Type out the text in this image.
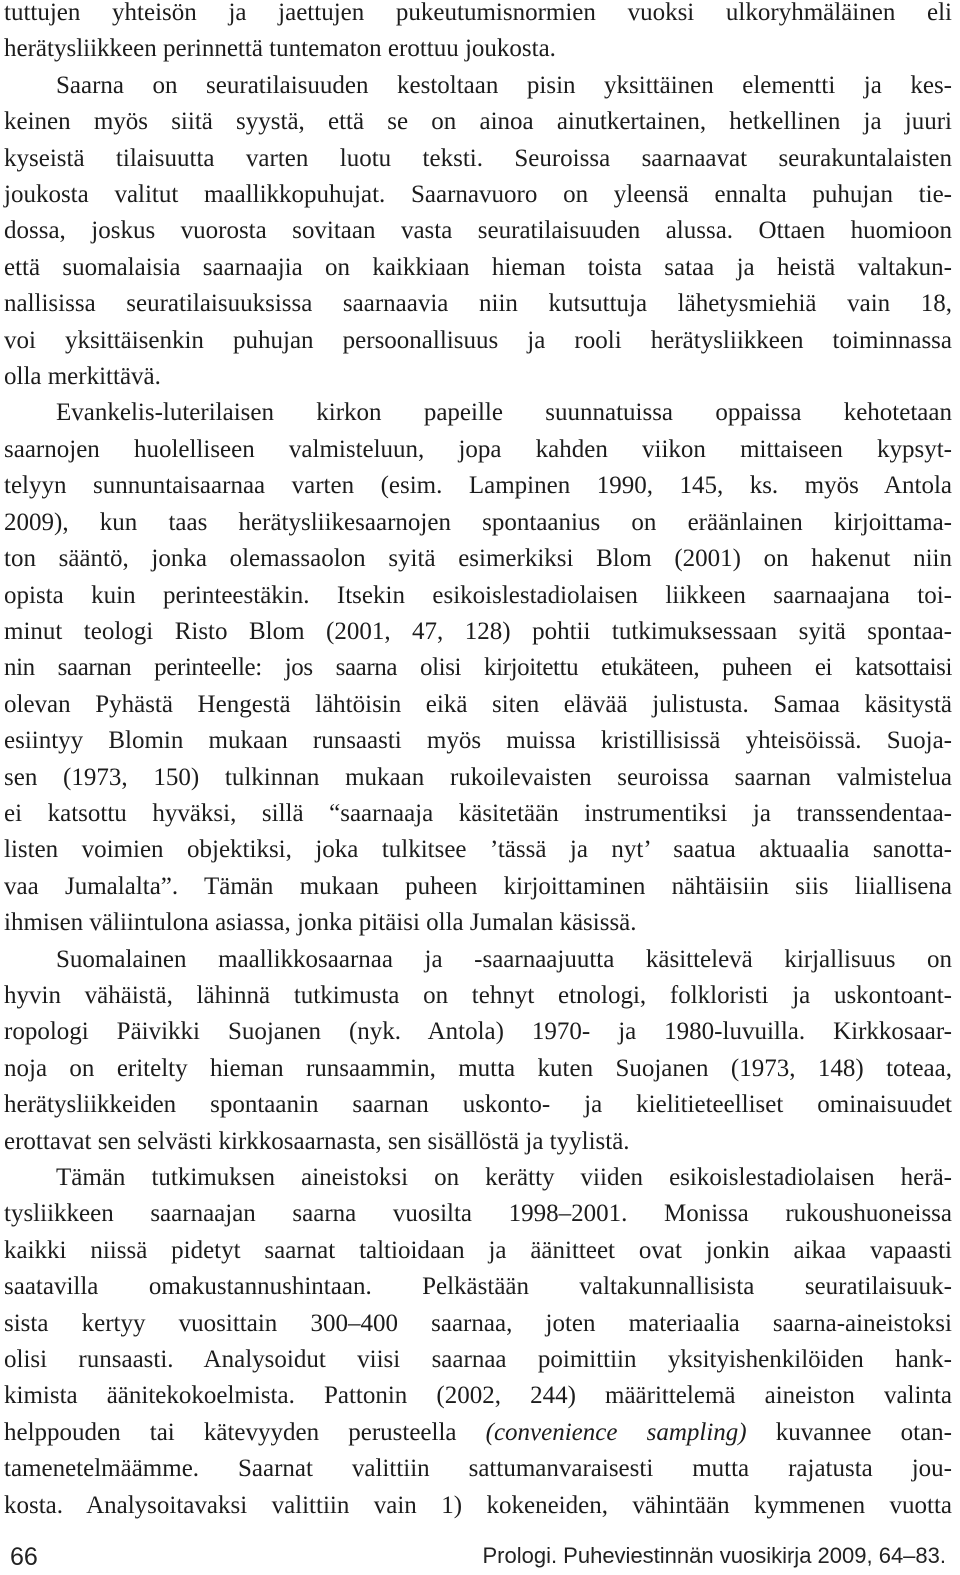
tuttujen yhteisön ja jaettujen pukeutumisnormien vuoksi ulkoryhmäläinen eli
herätysliikkeen perinnettä tuntematon erottuu joukosta.

Saarna on seuratilaisuuden kestoltaan pisin yksittäinen elementti ja kes-
keinen myös siitä syystä, että se on ainoa ainutkertainen, hetkellinen ja juuri
kyseistä tilaisuutta varten luotu teksti. Seuroissa saarnaavat seurakuntalaisten
joukosta valitut maallikkopuhujat. Saarnavuoro on yleensä ennalta puhujan tie-
dossa, joskus vuorosta sovitaan vasta seuratilaisuuden alussa. Ottaen huomioon
että suomalaisia saarnaajia on kaikkiaan hieman toista sataa ja heistä valtakun-
nallisissa seuratilaisuuksissa saarnaavia niin kutsuttuja lähetysmiehiä vain 18,
voi yksittäisenkin puhujan persoonallisuus ja rooli herätysliikkeen toiminnassa
olla merkittävä.

Evankelis-luterilaisen kirkon papeille suunnatuissa oppaissa kehotetaan
saarnojen huolelliseen valmisteluun, jopa kahden viikon mittaiseen kypsyt-
telyyn sunnuntaisaarnaa varten (esim. Lampinen 1990, 145, ks. myös Antola
2009), kun taas herätysliikesaarnojen spontaanius on eräänlainen kirjoittama-
ton sääntö, jonka olemassaolon syitä esimerkiksi Blom (2001) on hakenut niin
opista kuin perinteestäkin. Itsekin esikoislestadiolaisen liikkeen saarnaajana toi-
minut teologi Risto Blom (2001, 47, 128) pohtii tutkimuksessaan syitä spontaa-
nin saarnan perinteelle: jos saarna olisi kirjoitettu etukäteen, puheen ei katsottaisi
olevan Pyhästä Hengestä lähtöisin eikä siten elävää julistusta. Samaa käsitystä
esiintyy Blomin mukaan runsaasti myös muissa kristillisissä yhteisöissä. Suoja-
sen (1973, 150) tulkinnan mukaan rukoilevaisten seuroissa saarnan valmistelua
ei katsottu hyväksi, sillä “saarnaaja käsitetään instrumentiksi ja transsendentaa-
listen voimien objektiksi, joka tulkitsee ’tässä ja nyt’ saatua aktuaalia sanotta-
vaa Jumalalta”. Tämän mukaan puheen kirjoittaminen nähtäisiin siis liiallisena
ihmisen väliintulona asiassa, jonka pitäisi olla Jumalan käsissä.

Suomalainen maallikkosaarnaa ja -saarnaajuutta käsittelevä kirjallisuus on
hyvin vähäistä, lähinnä tutkimusta on tehnyt etnologi, folkloristi ja uskontoant-
ropologi Päivikki Suojanen (nyk. Antola) 1970- ja 1980-luvuilla. Kirkkosaar-
noja on eritelty hieman runsaammin, mutta kuten Suojanen (1973, 148) toteaa,
herätysliikkeiden spontaanin saarnan uskonto- ja kielitieteelliset ominaisuudet
erottavat sen selvästi kirkkosaarnasta, sen sisällöstä ja tyylistä.

Tämän tutkimuksen aineistoksi on kerätty viiden esikoislestadiolaisen herä-
tysliikkeen saarnaajan saarna vuosilta 1998–2001. Monissa rukoushuoneissa
kaikki niissä pidetyt saarnat taltioidaan ja äänitteet ovat jonkin aikaa vapaasti
saatavilla omakustannushintaan. Pelkästään valtakunnallisista seuratilaisuuk-
sista kertyy vuosittain 300–400 saarnaa, joten materiaalia saarna-aineistoksi
olisi runsaasti. Analysoidut viisi saarnaa poimittiin yksityishenkilöiden hank-
kimista äänitekokoelmista. Pattonin (2002, 244) määrittelemä aineiston valinta
helppouden tai kätevyyden perusteella (convenience sampling) kuvannee otan-
tamenetelmäämme. Saarnat valittiin sattumanvaraisesti mutta rajatusta jou-
kosta. Analysoitavaksi valittiin vain 1) kokeneiden, vähintään kymmenen vuotta

66	Prologi. Puheviestinnän vuosikirja 2009, 64–83.
